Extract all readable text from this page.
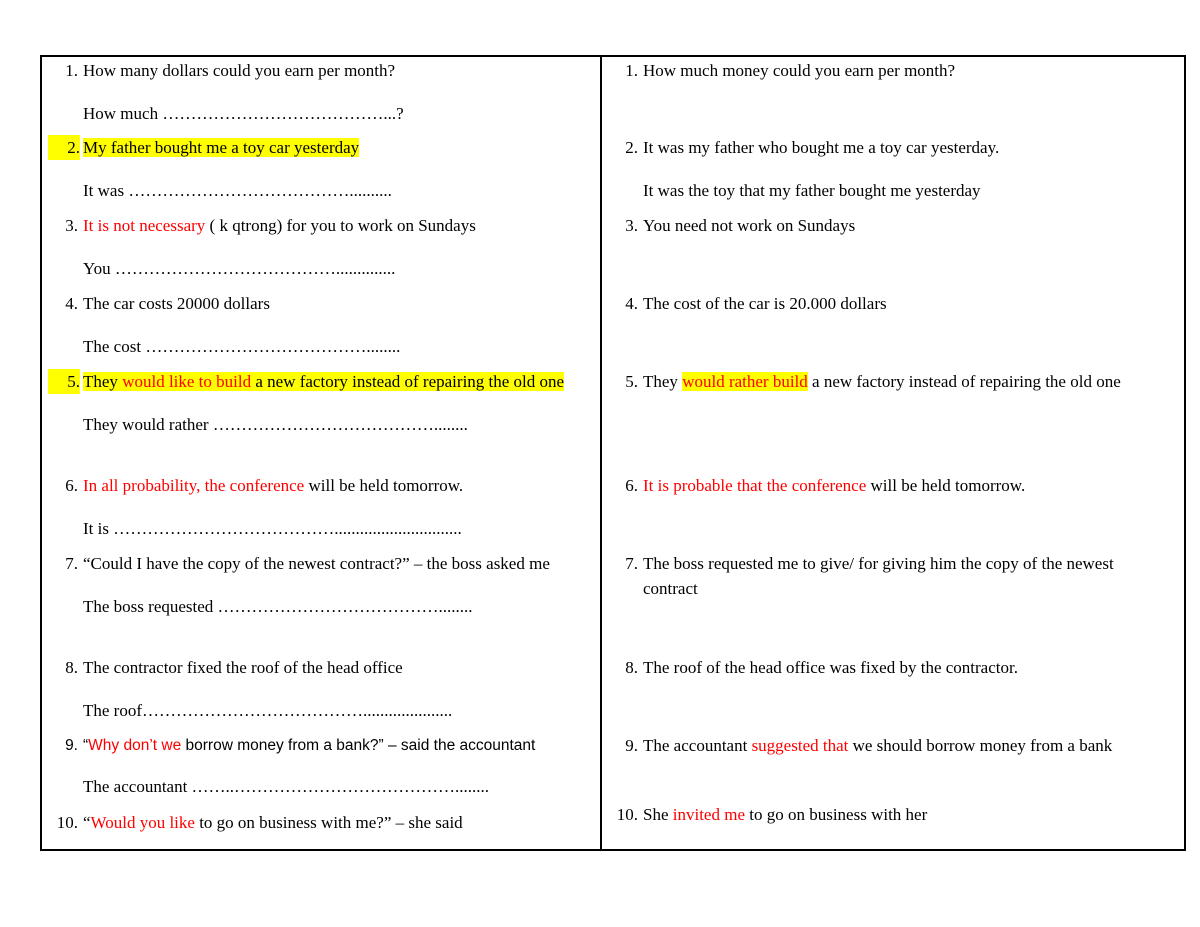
1. How many dollars could you earn per month?
How much …………………………………...?
2. My father bought me a toy car yesterday
It was …………………………………..........
3. It is not necessary ( k qtrong) for you to work on Sundays
You …………………………………..............
4. The car costs 20000 dollars
The cost …………………………………........
5. They would like to build a new factory instead of repairing the old one
They would rather …………………………………........
6. In all probability, the conference will be held tomorrow.
It is …………………………………..............................
7. “Could I have the copy of the newest contract?” – the boss asked me
The boss requested …………………………………........
8. The contractor fixed the roof of the head office
The roof………………………………….....................
9. “Why don’t we borrow money from a bank?” – said the accountant
The accountant ……..…………………………………........
10. “Would you like to go on business with me?” – she said
1. How much money could you earn per month?
2. It was my father who bought me a toy car yesterday.
It was the toy that my father bought me yesterday
3. You need not work on Sundays
4. The cost of the car is 20.000 dollars
5. They would rather build a new factory instead of repairing the old one
6. It is probable that the conference will be held tomorrow.
7. The boss requested me to give/ for giving him the copy of the newest contract
8. The roof of the head office was fixed by the contractor.
9. The accountant suggested that we should borrow money from a bank
10. She invited me to go on business with her
